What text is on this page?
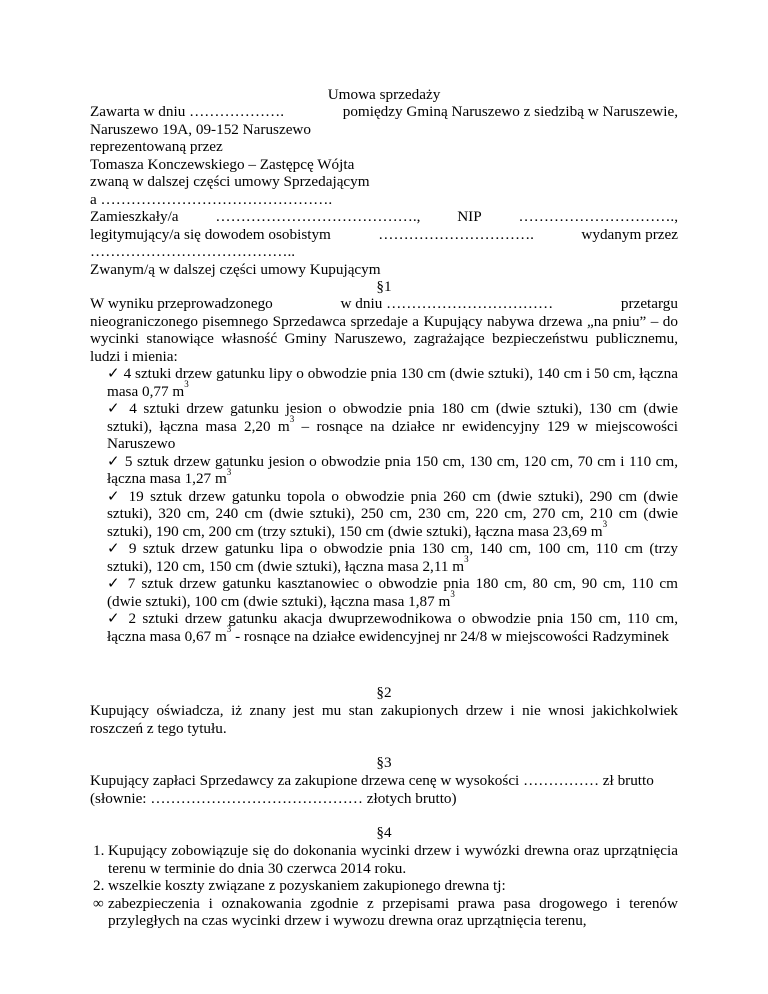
Umowa sprzedaży
Zawarta w dniu ……………….	pomiędzy Gminą Naruszewo z siedzibą w Naruszewie,
Naruszewo 19A, 09-152 Naruszewo
reprezentowaną przez
Tomasza Konczewskiego – Zastępcę Wójta
zwaną w dalszej części umowy Sprzedającym
a ……………………………………….
Zamieszkały/a …………………………………., NIP ………………………….,
legitymujący/a się dowodem osobistym	………………………….	wydanym przez
…………………………………..
Zwanym/ą w dalszej części umowy Kupującym
§1
W wyniku przeprowadzonego	w dniu ……………………………	przetargu
nieograniczonego pisemnego Sprzedawca sprzedaje a Kupujący nabywa drzewa „na pniu” – do wycinki stanowiące własność Gminy Naruszewo, zagrażające bezpieczeństwu publicznemu, ludzi i mienia:
✓ 4 sztuki drzew gatunku lipy o obwodzie pnia 130 cm (dwie sztuki), 140 cm i 50 cm, łączna masa 0,77 $m^3$
✓ 4 sztuki drzew gatunku jesion o obwodzie pnia 180 cm (dwie sztuki), 130 cm (dwie sztuki), łączna masa 2,20 $m^3$ – rosnące na działce nr ewidencyjny 129 w miejscowości Naruszewo
✓ 5 sztuk drzew gatunku jesion o obwodzie pnia 150 cm, 130 cm, 120 cm, 70 cm i 110 cm, łączna masa 1,27 $m^3$
✓ 19 sztuk drzew gatunku topola o obwodzie pnia 260 cm (dwie sztuki), 290 cm (dwie sztuki), 320 cm, 240 cm (dwie sztuki), 250 cm, 230 cm, 220 cm, 270 cm, 210 cm (dwie sztuki), 190 cm, 200 cm (trzy sztuki), 150 cm (dwie sztuki), łączna masa 23,69 $m^3$
✓ 9 sztuk drzew gatunku lipa o obwodzie pnia 130 cm, 140 cm, 100 cm, 110 cm (trzy sztuki), 120 cm, 150 cm (dwie sztuki), łączna masa 2,11 $m^3$
✓ 7 sztuk drzew gatunku kasztanowiec o obwodzie pnia 180 cm, 80 cm, 90 cm, 110 cm (dwie sztuki), 100 cm (dwie sztuki), łączna masa 1,87 $m^3$
✓ 2 sztuki drzew gatunku akacja dwuprzewodnikowa o obwodzie pnia 150 cm, 110 cm, łączna masa 0,67 $m^3$ - rosnące na działce ewidencyjnej nr 24/8 w miejscowości Radzyminek
§2
Kupujący oświadcza, iż znany jest mu stan zakupionych drzew i nie wnosi jakichkolwiek roszczeń z tego tytułu.
§3
Kupujący zapłaci Sprzedawcy za zakupione drzewa cenę w wysokości …………… zł brutto
(słownie: …………………………………… złotych brutto)
§4
1. Kupujący zobowiązuje się do dokonania wycinki drzew i wywózki drewna oraz uprzątnięcia terenu w terminie do dnia 30 czerwca 2014 roku.
2. wszelkie koszty związane z pozyskaniem zakupionego drewna tj:
∞ zabezpieczenia i oznakowania zgodnie z przepisami prawa pasa drogowego i terenów przyległych na czas wycinki drzew i wywozu drewna oraz uprzątnięcia terenu,
